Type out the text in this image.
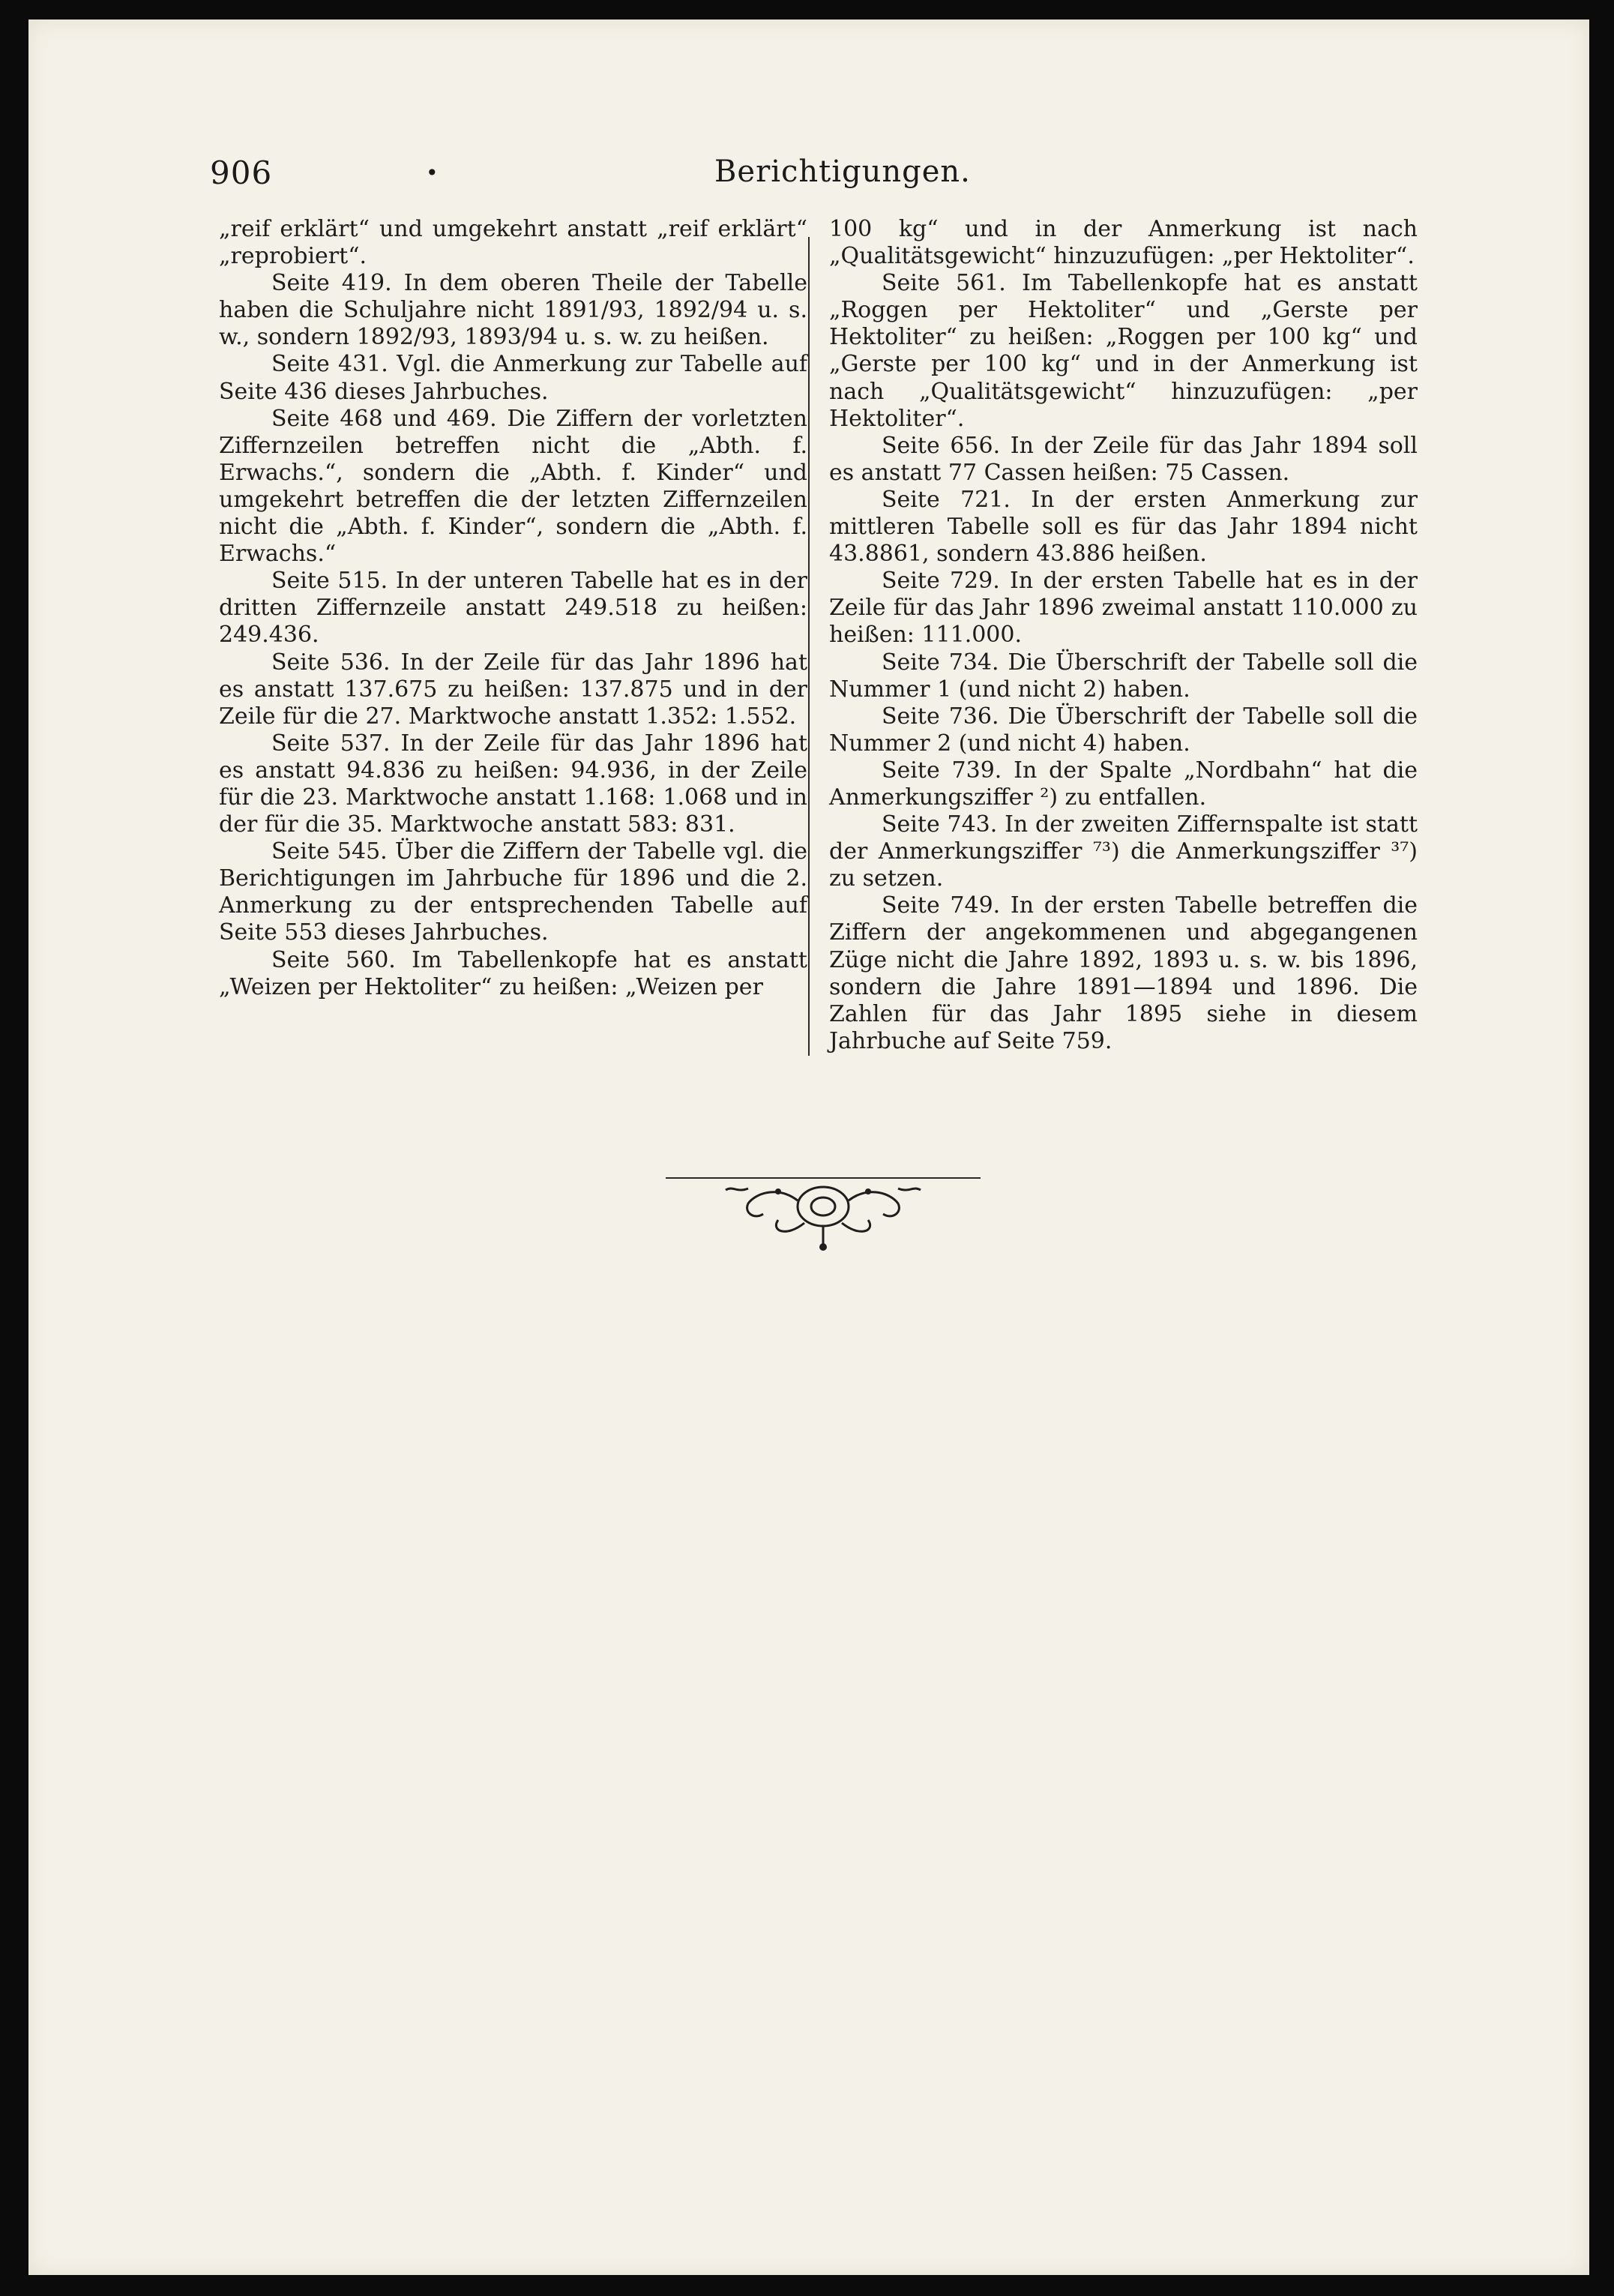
906	•	Berichtigungen.

„reif erklärt“ und umgekehrt anstatt „reif erklärt“ „reprobiert“.

Seite 419. In dem oberen Theile der Tabelle haben die Schuljahre nicht 1891/93, 1892/94 u. s. w., sondern 1892/93, 1893/94 u. s. w. zu heißen.

Seite 431. Vgl. die Anmerkung zur Tabelle auf Seite 436 dieses Jahrbuches.

Seite 468 und 469. Die Ziffern der vorletzten Ziffernzeilen betreffen nicht die „Abth. f. Erwachs.“, sondern die „Abth. f. Kinder“ und umgekehrt betreffen die der letzten Ziffernzeilen nicht die „Abth. f. Kinder“, sondern die „Abth. f. Erwachs.“

Seite 515. In der unteren Tabelle hat es in der dritten Ziffernzeile anstatt 249.518 zu heißen: 249.436.

Seite 536. In der Zeile für das Jahr 1896 hat es anstatt 137.675 zu heißen: 137.875 und in der Zeile für die 27. Marktwoche anstatt 1.352: 1.552.

Seite 537. In der Zeile für das Jahr 1896 hat es anstatt 94.836 zu heißen: 94.936, in der Zeile für die 23. Marktwoche anstatt 1.168: 1.068 und in der für die 35. Marktwoche anstatt 583: 831.

Seite 545. Über die Ziffern der Tabelle vgl. die Berichtigungen im Jahrbuche für 1896 und die 2. Anmerkung zu der entsprechenden Tabelle auf Seite 553 dieses Jahrbuches.

Seite 560. Im Tabellenkopfe hat es anstatt „Weizen per Hektoliter“ zu heißen: „Weizen per

100 kg“ und in der Anmerkung ist nach „Qualitätsgewicht“ hinzuzufügen: „per Hektoliter“.

Seite 561. Im Tabellenkopfe hat es anstatt „Roggen per Hektoliter“ und „Gerste per Hektoliter“ zu heißen: „Roggen per 100 kg“ und „Gerste per 100 kg“ und in der Anmerkung ist nach „Qualitätsgewicht“ hinzuzufügen: „per Hektoliter“.

Seite 656. In der Zeile für das Jahr 1894 soll es anstatt 77 Cassen heißen: 75 Cassen.

Seite 721. In der ersten Anmerkung zur mittleren Tabelle soll es für das Jahr 1894 nicht 43.8861, sondern 43.886 heißen.

Seite 729. In der ersten Tabelle hat es in der Zeile für das Jahr 1896 zweimal anstatt 110.000 zu heißen: 111.000.

Seite 734. Die Überschrift der Tabelle soll die Nummer 1 (und nicht 2) haben.

Seite 736. Die Überschrift der Tabelle soll die Nummer 2 (und nicht 4) haben.

Seite 739. In der Spalte „Nordbahn“ hat die Anmerkungsziffer ²) zu entfallen.

Seite 743. In der zweiten Ziffernspalte ist statt der Anmerkungsziffer ⁷³) die Anmerkungsziffer ³⁷) zu setzen.

Seite 749. In der ersten Tabelle betreffen die Ziffern der angekommenen und abgegangenen Züge nicht die Jahre 1892, 1893 u. s. w. bis 1896, sondern die Jahre 1891—1894 und 1896. Die Zahlen für das Jahr 1895 siehe in diesem Jahrbuche auf Seite 759.
